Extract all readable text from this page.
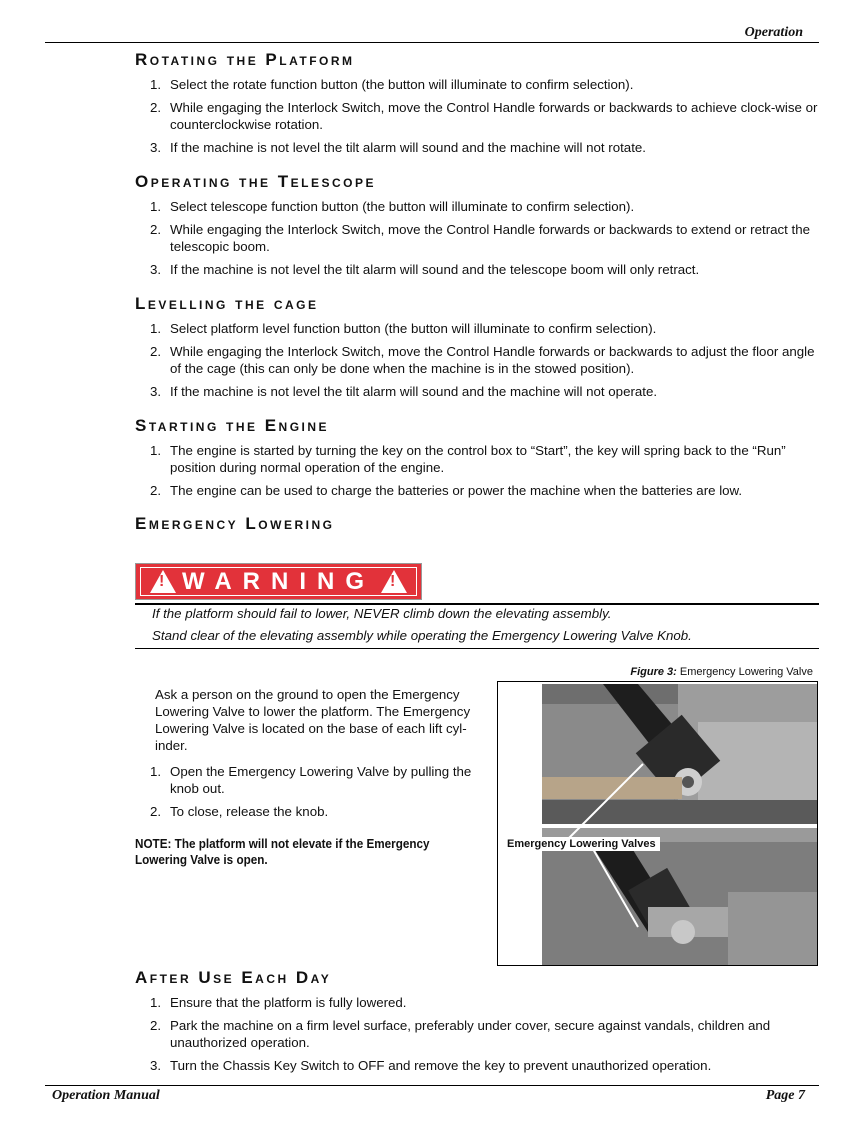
Operation
Rotating the Platform
1. Select the rotate function button (the button will illuminate to confirm selection).
2. While engaging the Interlock Switch, move the Control Handle forwards or backwards to achieve clock-wise or counterclockwise rotation.
3. If the machine is not level the tilt alarm will sound and the machine will not rotate.
Operating the Telescope
1. Select telescope function button (the button will illuminate to confirm selection).
2. While engaging the Interlock Switch, move the Control Handle forwards or backwards to extend or retract the telescopic boom.
3. If the machine is not level the tilt alarm will sound and the telescope boom will only retract.
Levelling the cage
1. Select platform level function button (the button will illuminate to confirm selection).
2. While engaging the Interlock Switch, move the Control Handle forwards or backwards to adjust the floor angle of the cage (this can only be done when the machine is in the stowed position).
3. If the machine is not level the tilt alarm will sound and the machine will not operate.
Starting the Engine
1. The engine is started by turning the key on the control box to “Start”, the key will spring back to the “Run” position during normal operation of the engine.
2. The engine can be used to charge the batteries or power the machine when the batteries are low.
Emergency Lowering
!
WARNING
!
If the platform should fail to lower, NEVER climb down the elevating assembly.
Stand clear of the elevating assembly while operating the Emergency Lowering Valve Knob.
Ask a person on the ground to open the Emergency Lowering Valve to lower the platform. The Emergency Lowering Valve is located on the base of each lift cyl-inder.
1. Open the Emergency Lowering Valve by pulling the knob out.
2. To close, release the knob.
NOTE: The platform will not elevate if the Emergency Lowering Valve is open.
Figure 3: Emergency Lowering Valve
Emergency Lowering Valves
After Use Each Day
1. Ensure that the platform is fully lowered.
2. Park the machine on a firm level surface, preferably under cover, secure against vandals, children and unauthorized operation.
3. Turn the Chassis Key Switch to OFF and remove the key to prevent unauthorized operation.
Operation Manual	Page 7
